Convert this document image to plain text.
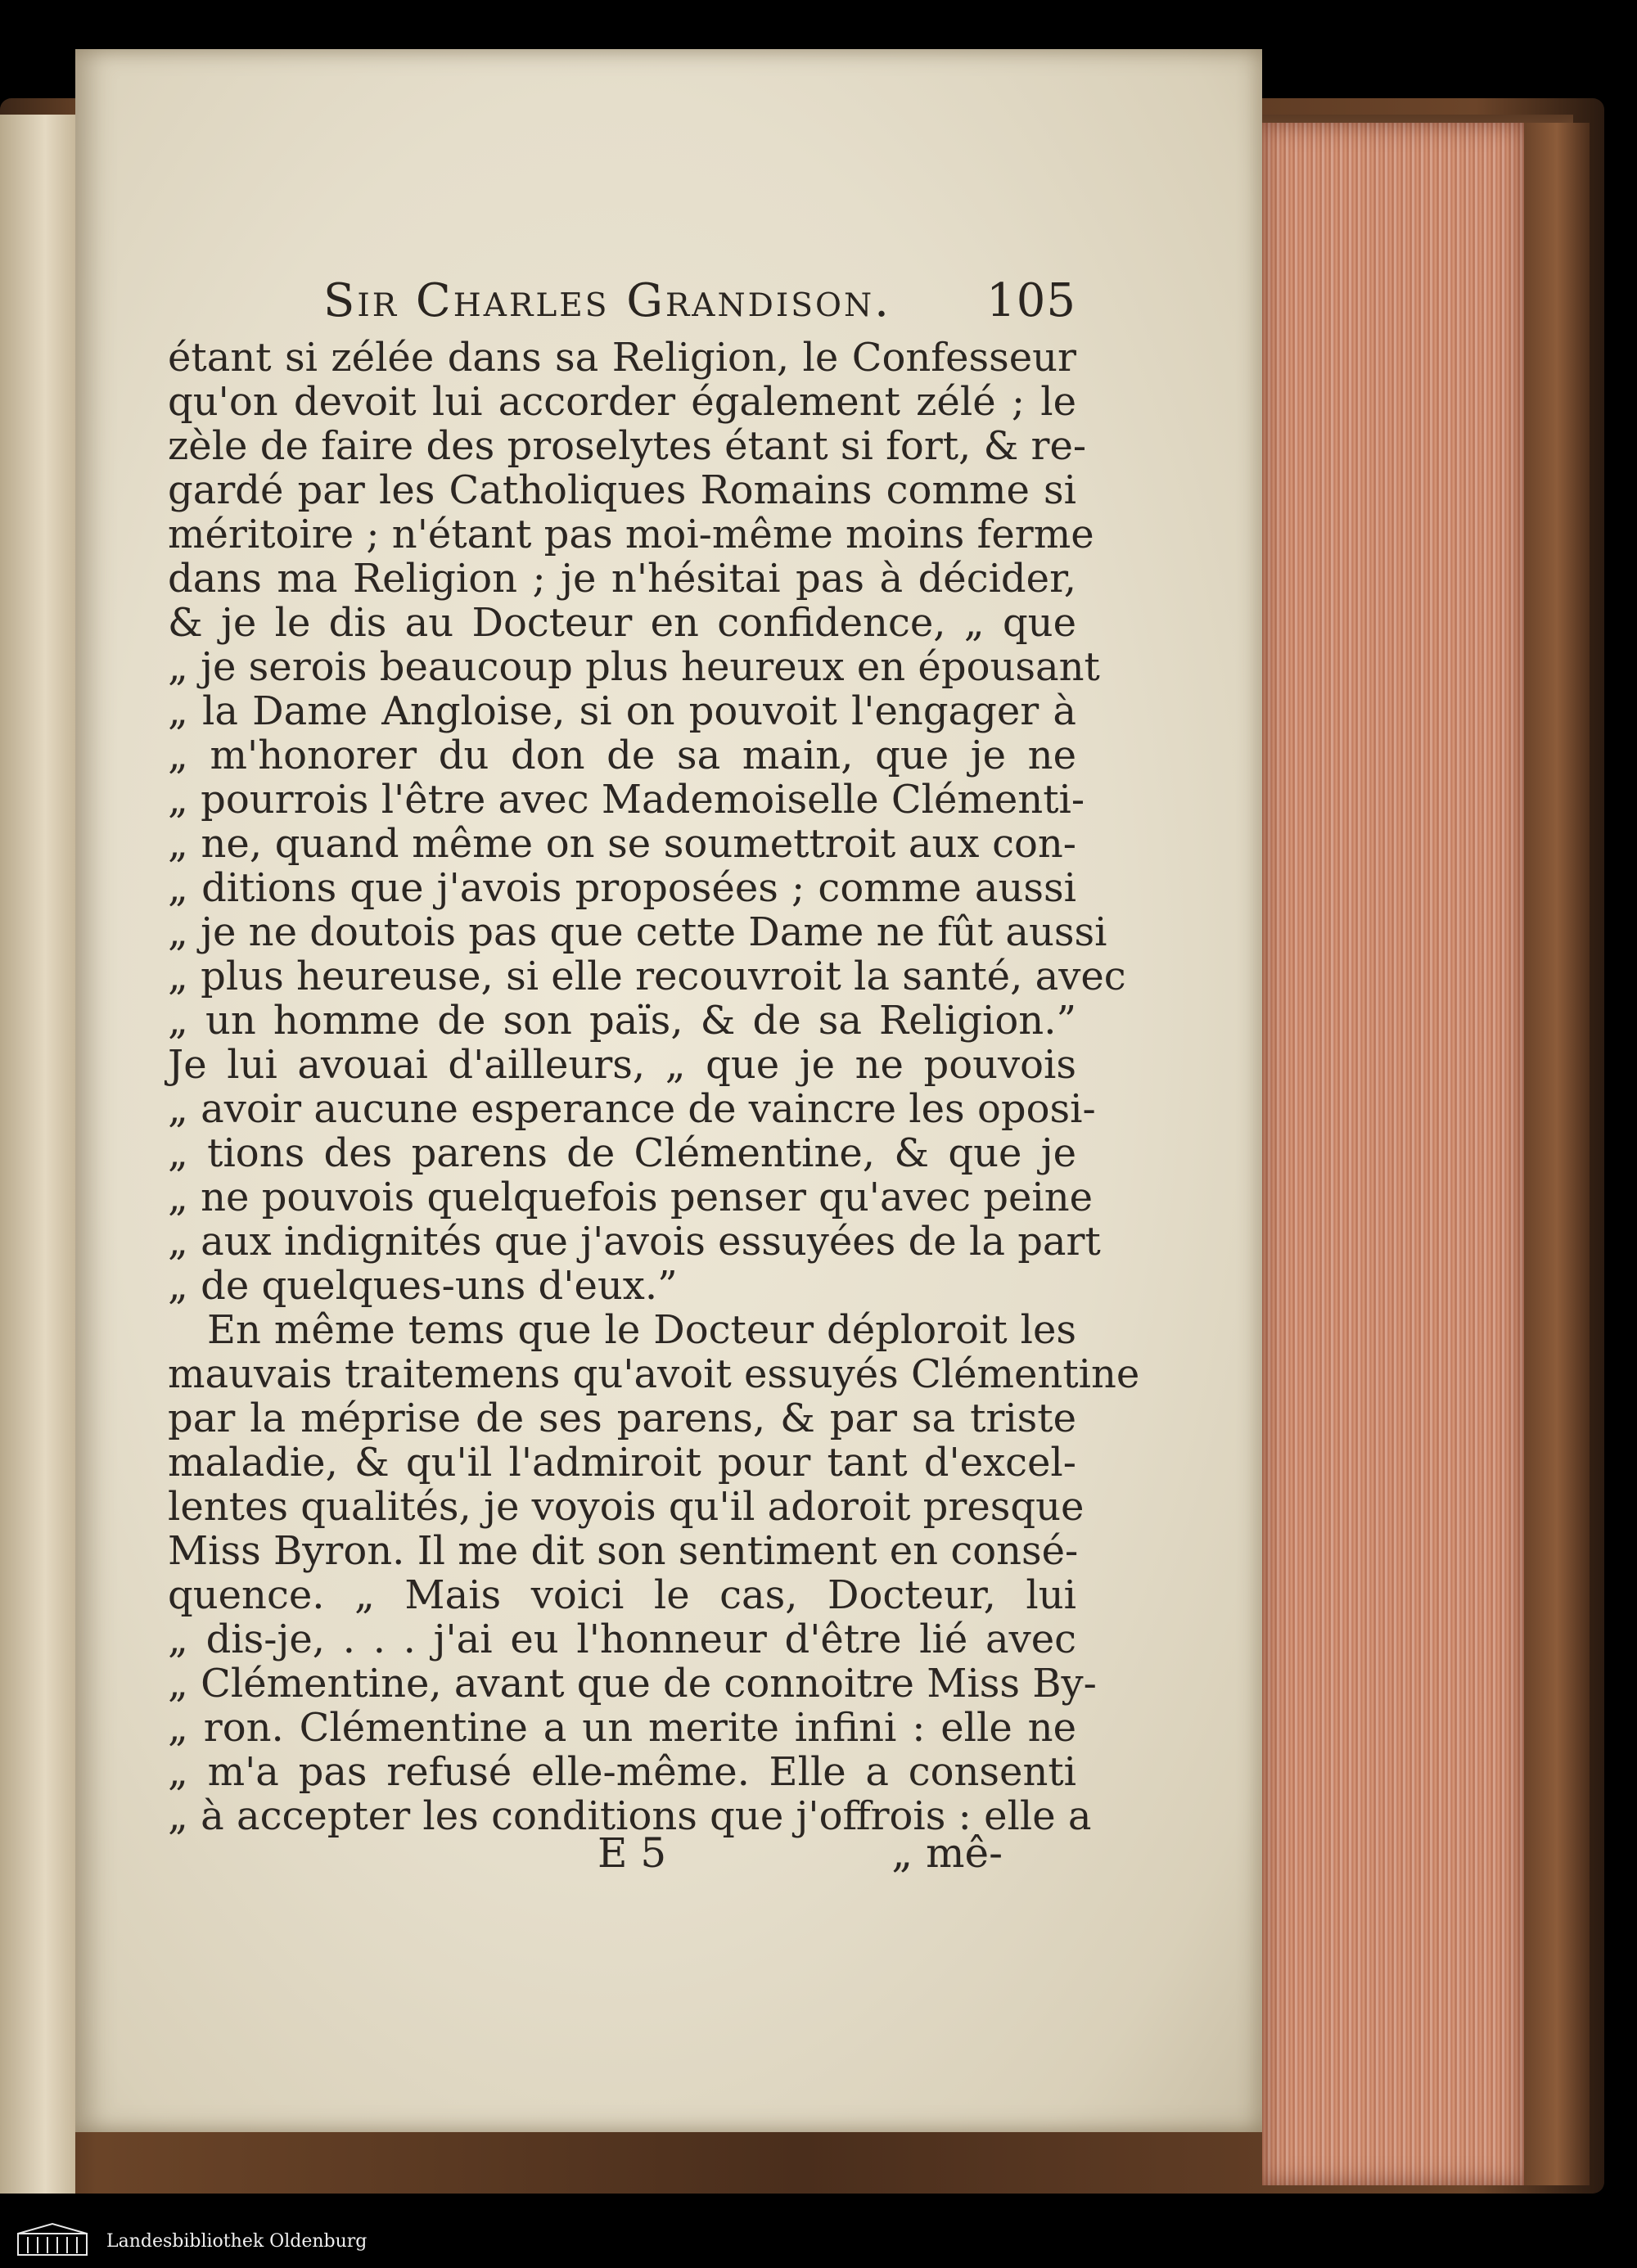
Sir Charles Grandison. 105
étant si zélée dans sa Religion, le Confesseur
qu'on devoit lui accorder également zélé ; le
zèle de faire des proselytes étant si fort, & re-
gardé par les Catholiques Romains comme si
méritoire ; n'étant pas moi-même moins ferme
dans ma Religion ; je n'hésitai pas à décider,
& je le dis au Docteur en confidence, „ que
„ je serois beaucoup plus heureux en épousant
„ la Dame Angloise, si on pouvoit l'engager à
„ m'honorer du don de sa main, que je ne
„ pourrois l'être avec Mademoiselle Clémenti-
„ ne, quand même on se soumettroit aux con-
„ ditions que j'avois proposées ; comme aussi
„ je ne doutois pas que cette Dame ne fût aussi
„ plus heureuse, si elle recouvroit la santé, avec
„ un homme de son païs, & de sa Religion.”
Je lui avouai d'ailleurs, „ que je ne pouvois
„ avoir aucune esperance de vaincre les oposi-
„ tions des parens de Clémentine, & que je
„ ne pouvois quelquefois penser qu'avec peine
„ aux indignités que j'avois essuyées de la part
„ de quelques-uns d'eux.”
En même tems que le Docteur déploroit les
mauvais traitemens qu'avoit essuyés Clémentine
par la méprise de ses parens, & par sa triste
maladie, & qu'il l'admiroit pour tant d'excel-
lentes qualités, je voyois qu'il adoroit presque
Miss Byron. Il me dit son sentiment en consé-
quence. „ Mais voici le cas, Docteur, lui
„ dis-je, . . . j'ai eu l'honneur d'être lié avec
„ Clémentine, avant que de connoitre Miss By-
„ ron. Clémentine a un merite infini : elle ne
„ m'a pas refusé elle-même. Elle a consenti
„ à accepter les conditions que j'offrois : elle a
E 5	„ mê-
Landesbibliothek Oldenburg
